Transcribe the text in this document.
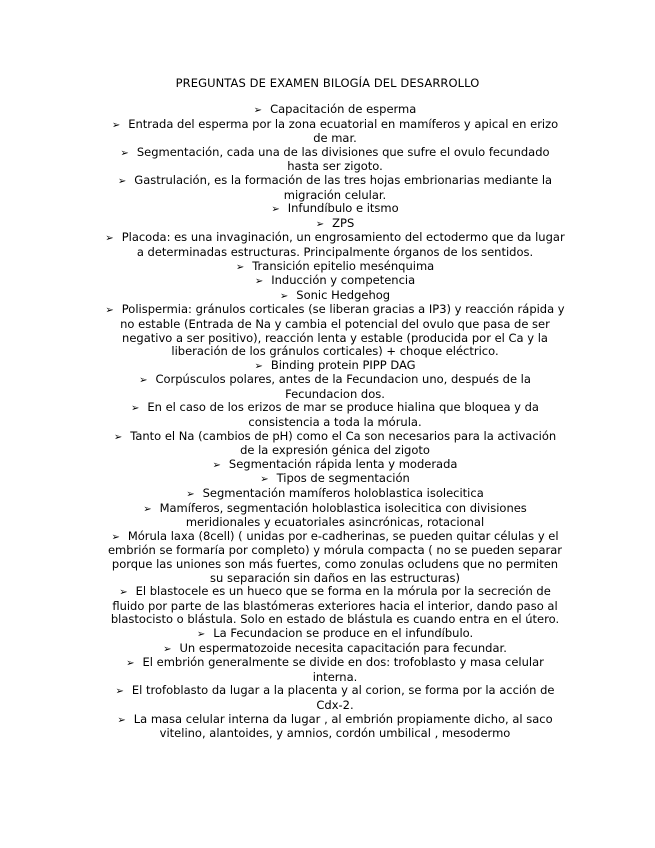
PREGUNTAS DE EXAMEN BILOGÍA DEL DESARROLLO
➢ Capacitación de esperma
➢ Entrada del esperma por la zona ecuatorial en mamíferos y apical en erizo de mar.
➢ Segmentación, cada una de las divisiones que sufre el ovulo fecundado hasta ser zigoto.
➢ Gastrulación, es la formación de las tres hojas embrionarias mediante la migración celular.
➢ Infundíbulo e itsmo
➢ ZPS
➢ Placoda: es una invaginación, un engrosamiento del ectodermo que da lugar a determinadas estructuras. Principalmente órganos de los sentidos.
➢ Transición epitelio mesénquima
➢ Inducción y competencia
➢ Sonic Hedgehog
➢ Polispermia: gránulos corticales (se liberan gracias a IP3) y reacción rápida y no estable (Entrada de Na y cambia el potencial del ovulo que pasa de ser negativo a ser positivo), reacción lenta y estable (producida por el Ca y la liberación de los gránulos corticales) + choque eléctrico.
➢ Binding protein PIPP DAG
➢ Corpúsculos polares, antes de la Fecundacion uno, después de la Fecundacion dos.
➢ En el caso de los erizos de mar se produce hialina que bloquea y da consistencia a toda la mórula.
➢ Tanto el Na (cambios de pH) como el Ca son necesarios para la activación de la expresión génica del zigoto
➢ Segmentación rápida lenta y moderada
➢ Tipos de segmentación
➢ Segmentación mamíferos holoblastica isolecitica
➢ Mamíferos, segmentación holoblastica isolecitica con divisiones meridionales y ecuatoriales asincrónicas, rotacional
➢ Mórula laxa (8cell) ( unidas por e-cadherinas, se pueden quitar células y el embrión se formaría por completo) y mórula compacta ( no se pueden separar porque las uniones son más fuertes, como zonulas ocludens que no permiten su separación sin daños en las estructuras)
➢ El blastocele es un hueco que se forma en la mórula por la secreción de fluido por parte de las blastómeras exteriores hacia el interior, dando paso al blastocisto o blástula. Solo en estado de blástula es cuando entra en el útero.
➢ La Fecundacion se produce en el infundíbulo.
➢ Un espermatozoide necesita capacitación para fecundar.
➢ El embrión generalmente se divide en dos: trofoblasto y masa celular interna.
➢ El trofoblasto da lugar a la placenta y al corion, se forma por la acción de Cdx-2.
➢ La masa celular interna da lugar , al embrión propiamente dicho, al saco vitelino, alantoides, y amnios, cordón umbilical , mesodermo
